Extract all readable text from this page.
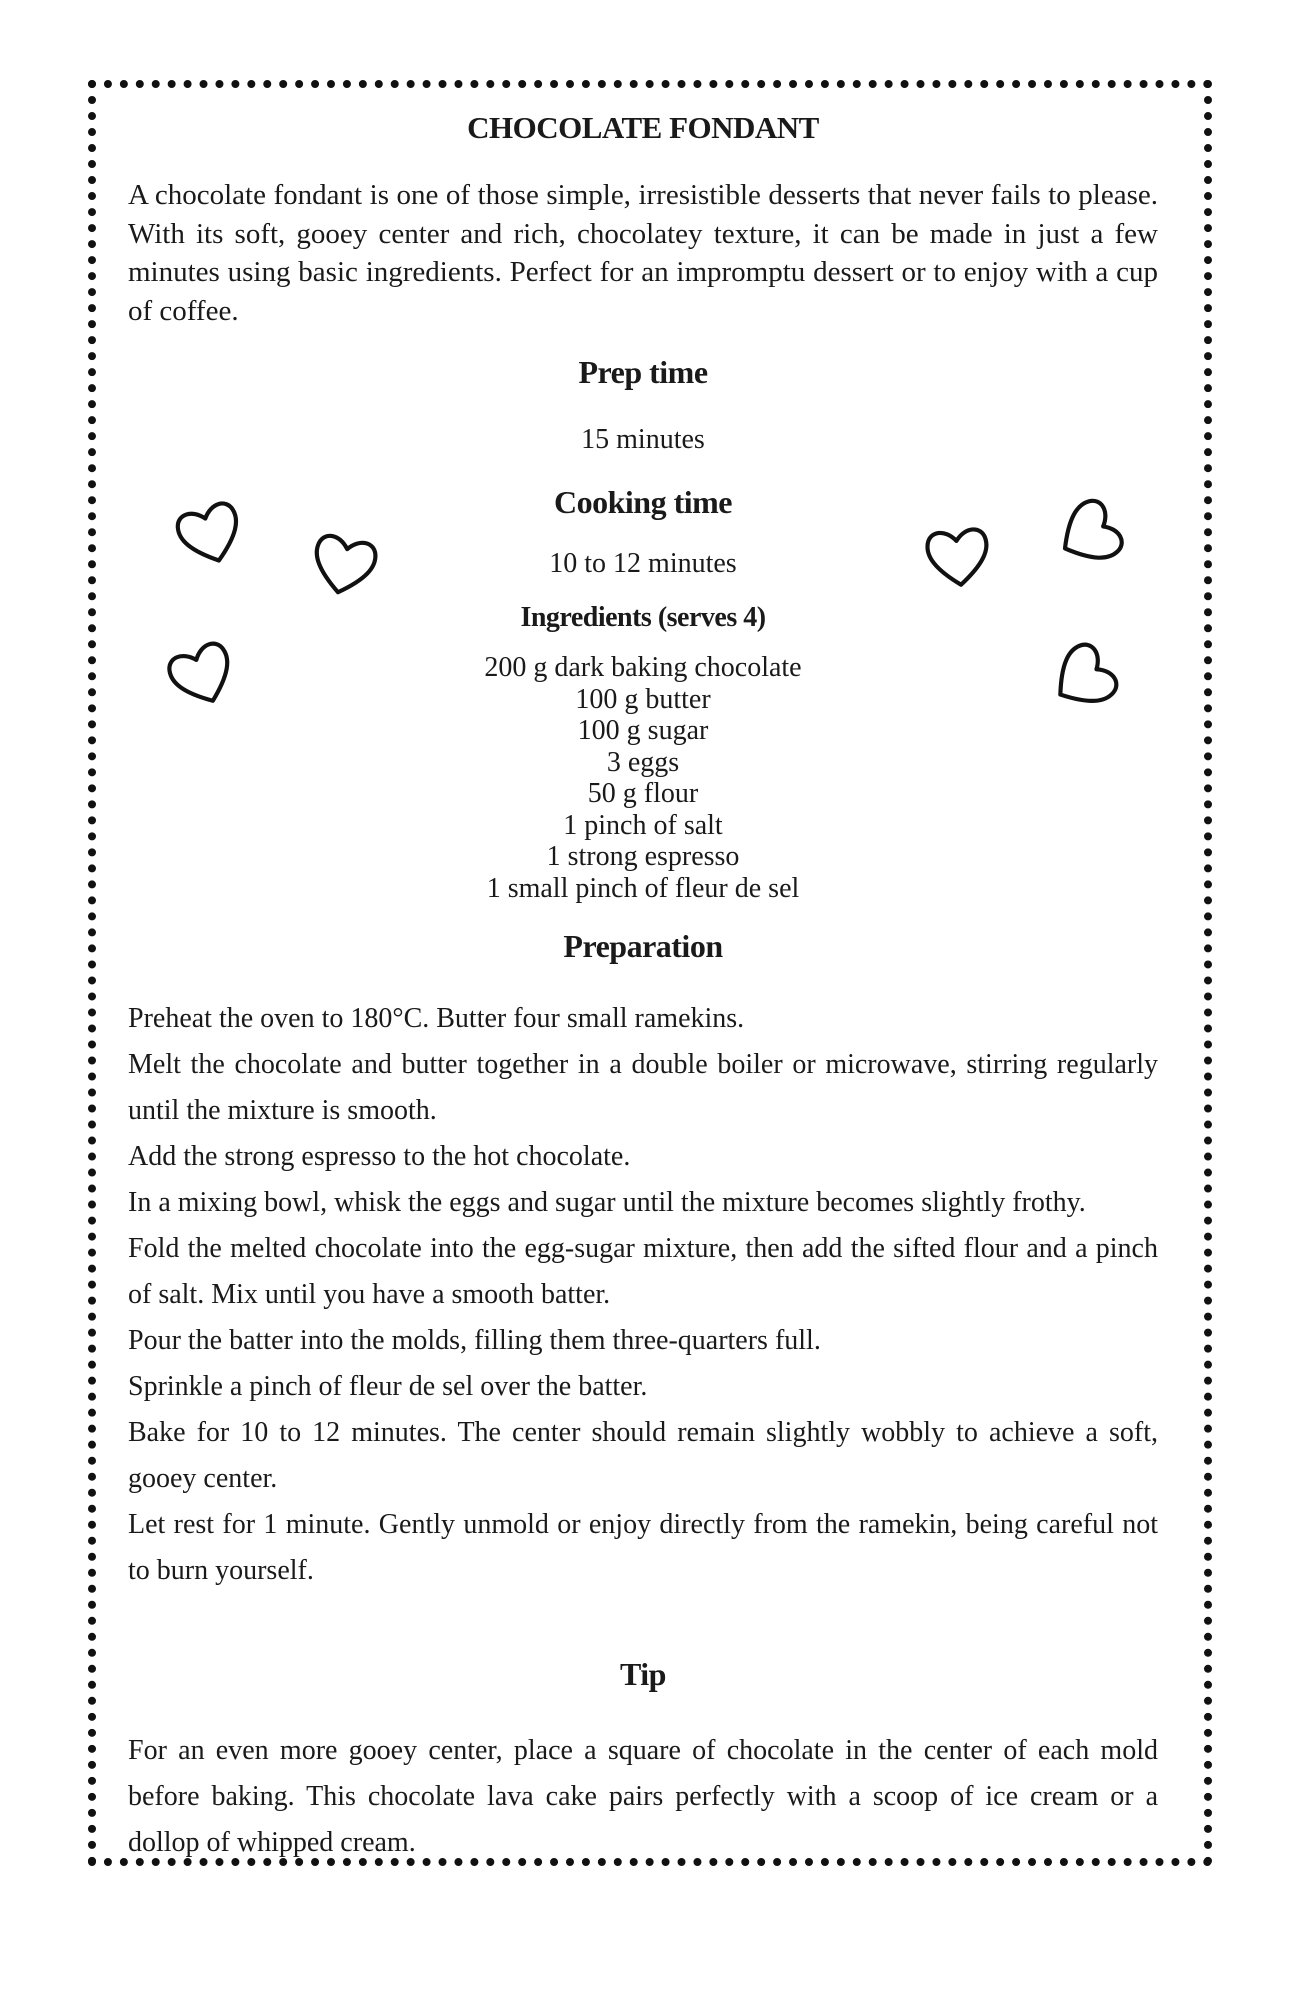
CHOCOLATE FONDANT
A chocolate fondant is one of those simple, irresistible desserts that never fails to please. With its soft, gooey center and rich, chocolatey texture, it can be made in just a few minutes using basic ingredients. Perfect for an impromptu dessert or to enjoy with a cup of coffee.
Prep time
15 minutes
Cooking time
10 to 12 minutes
Ingredients (serves 4)
200 g dark baking chocolate
100 g butter
100 g sugar
3 eggs
50 g flour
1 pinch of salt
1 strong espresso
1 small pinch of fleur de sel
Preparation

Preheat the oven to 180°C. Butter four small ramekins.

Melt the chocolate and butter together in a double boiler or microwave, stirring regularly until the mixture is smooth.

Add the strong espresso to the hot chocolate.

In a mixing bowl, whisk the eggs and sugar until the mixture becomes slightly frothy.

Fold the melted chocolate into the egg-sugar mixture, then add the sifted flour and a pinch of salt. Mix until you have a smooth batter.

Pour the batter into the molds, filling them three-quarters full.

Sprinkle a pinch of fleur de sel over the batter.

Bake for 10 to 12 minutes. The center should remain slightly wobbly to achieve a soft, gooey center.

Let rest for 1 minute. Gently unmold or enjoy directly from the ramekin, being careful not to burn yourself.

Tip

For an even more gooey center, place a square of chocolate in the center of each mold before baking. This chocolate lava cake pairs perfectly with a scoop of ice cream or a dollop of whipped cream.
